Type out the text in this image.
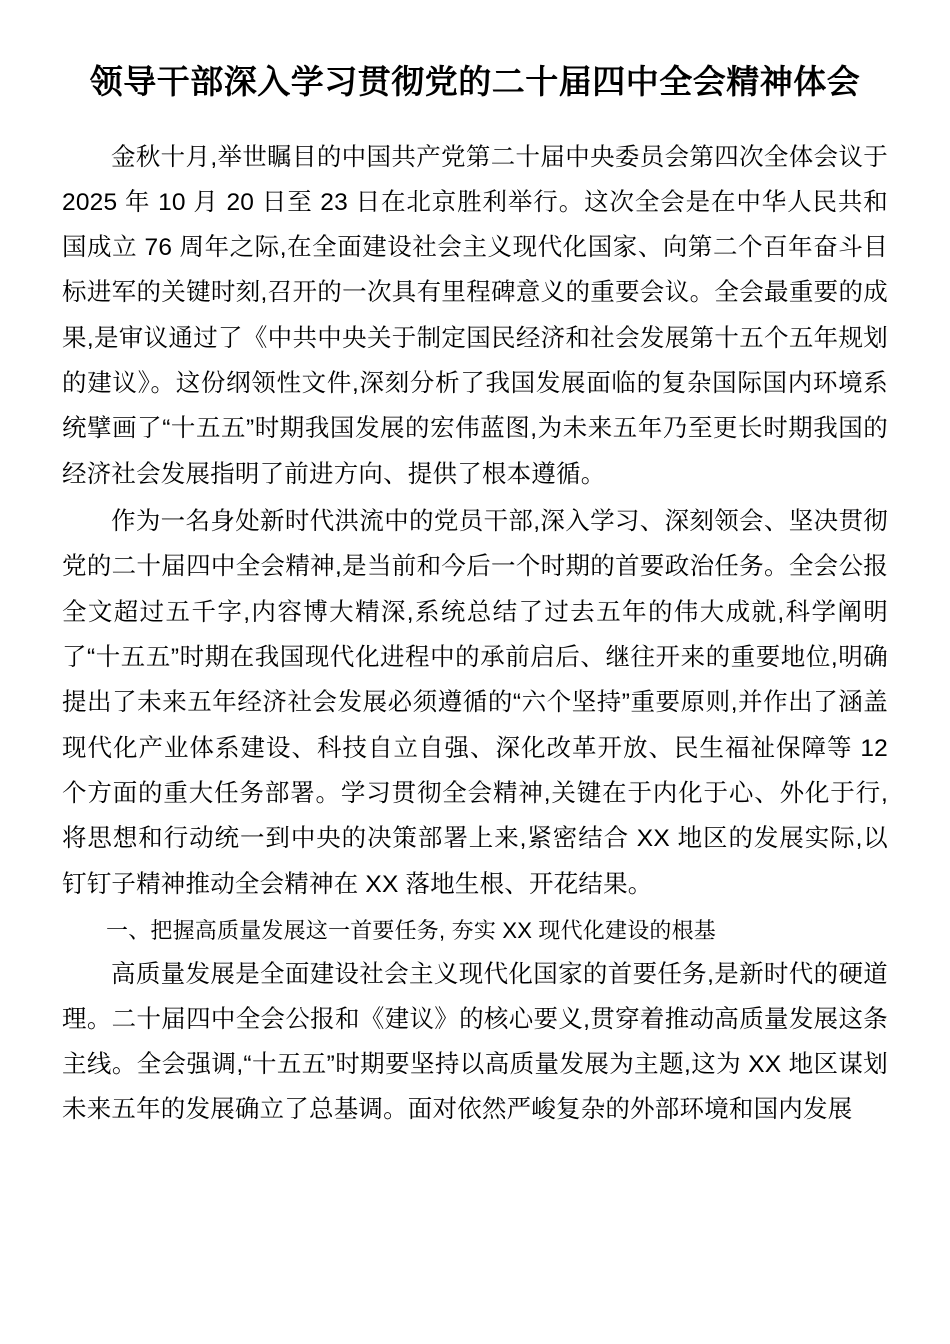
领导干部深入学习贯彻党的二十届四中全会精神体会

金秋十月,举世瞩目的中国共产党第二十届中央委员会第四次全体会议于 2025 年 10 月 20 日至 23 日在北京胜利举行。这次全会是在中华人民共和国成立 76 周年之际,在全面建设社会主义现代化国家、向第二个百年奋斗目标进军的关键时刻,召开的一次具有里程碑意义的重要会议。全会最重要的成果,是审议通过了《中共中央关于制定国民经济和社会发展第十五个五年规划的建议》。这份纲领性文件,深刻分析了我国发展面临的复杂国际国内环境系统擘画了“十五五”时期我国发展的宏伟蓝图,为未来五年乃至更长时期我国的经济社会发展指明了前进方向、提供了根本遵循。

作为一名身处新时代洪流中的党员干部,深入学习、深刻领会、坚决贯彻党的二十届四中全会精神,是当前和今后一个时期的首要政治任务。全会公报全文超过五千字,内容博大精深,系统总结了过去五年的伟大成就,科学阐明了“十五五”时期在我国现代化进程中的承前启后、继往开来的重要地位,明确提出了未来五年经济社会发展必须遵循的“六个坚持”重要原则,并作出了涵盖现代化产业体系建设、科技自立自强、深化改革开放、民生福祉保障等 12 个方面的重大任务部署。学习贯彻全会精神,关键在于内化于心、外化于行,将思想和行动统一到中央的决策部署上来,紧密结合 XX 地区的发展实际,以钉钉子精神推动全会精神在 XX 落地生根、开花结果。

一、把握高质量发展这一首要任务, 夯实 XX 现代化建设的根基

高质量发展是全面建设社会主义现代化国家的首要任务,是新时代的硬道理。二十届四中全会公报和《建议》的核心要义,贯穿着推动高质量发展这条主线。全会强调,“十五五”时期要坚持以高质量发展为主题,这为 XX 地区谋划未来五年的发展确立了总基调。面对依然严峻复杂的外部环境和国内发展
